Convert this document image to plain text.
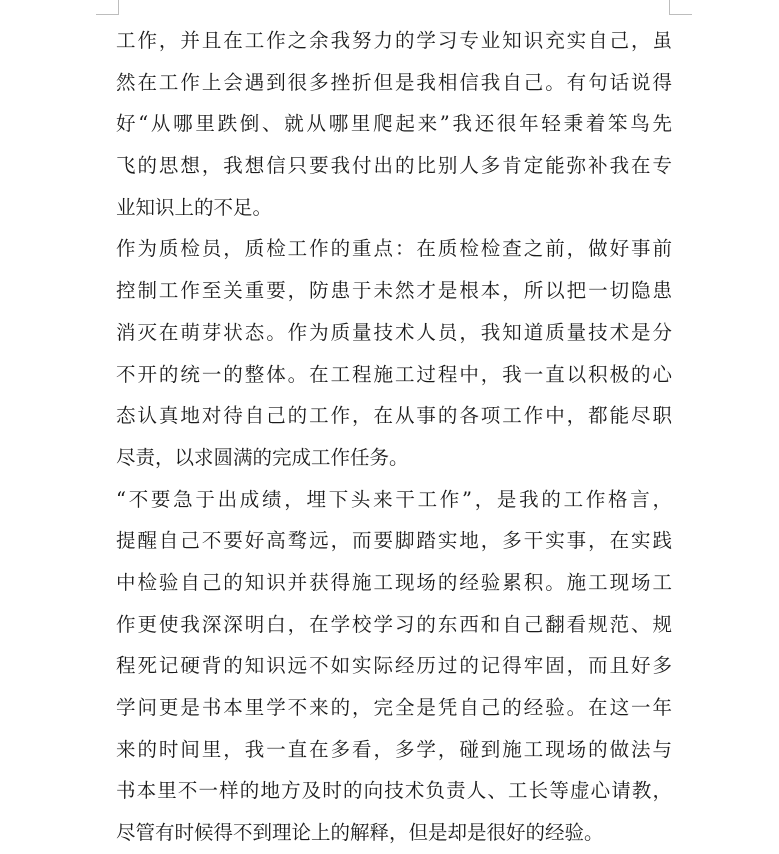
工作，并且在工作之余我努力的学习专业知识充实自己，虽
然在工作上会遇到很多挫折但是我相信我自己。有句话说得
好“从哪里跌倒、就从哪里爬起来”我还很年轻秉着笨鸟先
飞的思想，我想信只要我付出的比别人多肯定能弥补我在专
业知识上的不足。
作为质检员，质检工作的重点：在质检检查之前，做好事前
控制工作至关重要，防患于未然才是根本，所以把一切隐患
消灭在萌芽状态。作为质量技术人员，我知道质量技术是分
不开的统一的整体。在工程施工过程中，我一直以积极的心
态认真地对待自己的工作，在从事的各项工作中，都能尽职
尽责，以求圆满的完成工作任务。
“不要急于出成绩，埋下头来干工作”，是我的工作格言，
提醒自己不要好高骛远，而要脚踏实地，多干实事，在实践
中检验自己的知识并获得施工现场的经验累积。施工现场工
作更使我深深明白，在学校学习的东西和自己翻看规范、规
程死记硬背的知识远不如实际经历过的记得牢固，而且好多
学问更是书本里学不来的，完全是凭自己的经验。在这一年
来的时间里，我一直在多看，多学，碰到施工现场的做法与
书本里不一样的地方及时的向技术负责人、工长等虚心请教，
尽管有时候得不到理论上的解释，但是却是很好的经验。
